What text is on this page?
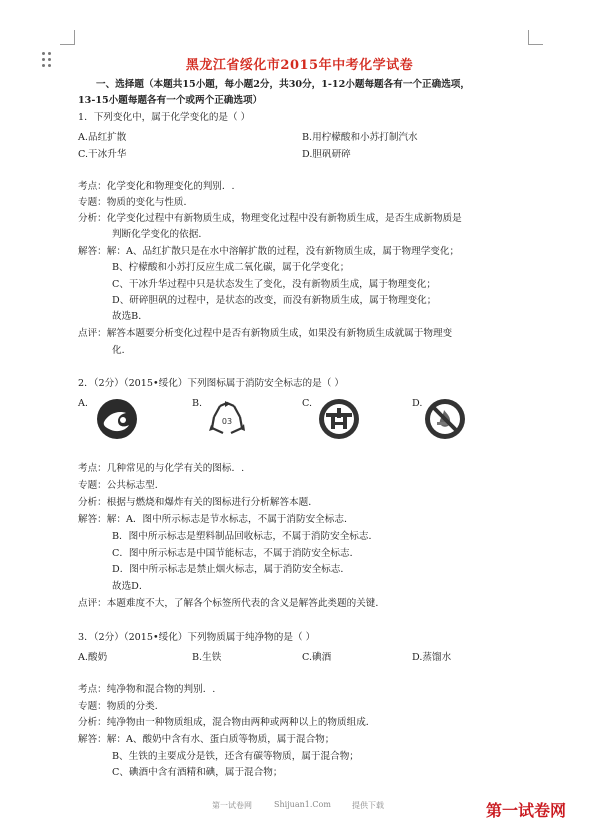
黑龙江省绥化市2015年中考化学试卷
一、选择题（本题共15小题，每小题2分，共30分，1-12小题每题各有一个正确选项，
13-15小题每题各有一个或两个正确选项）
1．下列变化中，属于化学变化的是（ ）
A.品红扩散	B.用柠檬酸和小苏打制汽水
C.干冰升华	D.胆矾研碎
考点：化学变化和物理变化的判别．.
专题：物质的变化与性质．
分析：化学变化过程中有新物质生成，物理变化过程中没有新物质生成，是否生成新物质是
判断化学变化的依据．
解答：解：A、品红扩散只是在水中溶解扩散的过程，没有新物质生成，属于物理学变化；
B、柠檬酸和小苏打反应生成二氧化碳，属于化学变化；
C、干冰升华过程中只是状态发生了变化，没有新物质生成，属于物理变化；
D、研碎胆矾的过程中，是状态的改变，而没有新物质生成，属于物理变化；
故选B．
点评：解答本题要分析变化过程中是否有新物质生成，如果没有新物质生成就属于物理变
化．
2．（2分）（2015•绥化）下列图标属于消防安全标志的是（ ）
A.	B.	C.	D.
03
考点：几种常见的与化学有关的图标．.
专题：公共标志型．
分析：根据与燃烧和爆炸有关的图标进行分析解答本题．
解答：解：A．图中所示标志是节水标志，不属于消防安全标志．
B．图中所示标志是塑料制品回收标志，不属于消防安全标志．
C．图中所示标志是中国节能标志，不属于消防安全标志．
D．图中所示标志是禁止烟火标志，属于消防安全标志．
故选D．
点评：本题难度不大，了解各个标签所代表的含义是解答此类题的关键．
3．（2分）（2015•绥化）下列物质属于纯净物的是（ ）
A.酸奶	B.生铁	C.碘酒	D.蒸馏水
考点：纯净物和混合物的判别．.
专题：物质的分类．
分析：纯净物由一种物质组成，混合物由两种或两种以上的物质组成．
解答：解：A、酸奶中含有水、蛋白质等物质，属于混合物；
B、生铁的主要成分是铁，还含有碳等物质，属于混合物；
C、碘酒中含有酒精和碘，属于混合物；
第一试卷网	Shijuan1.Com	提供下载	第一试卷网
